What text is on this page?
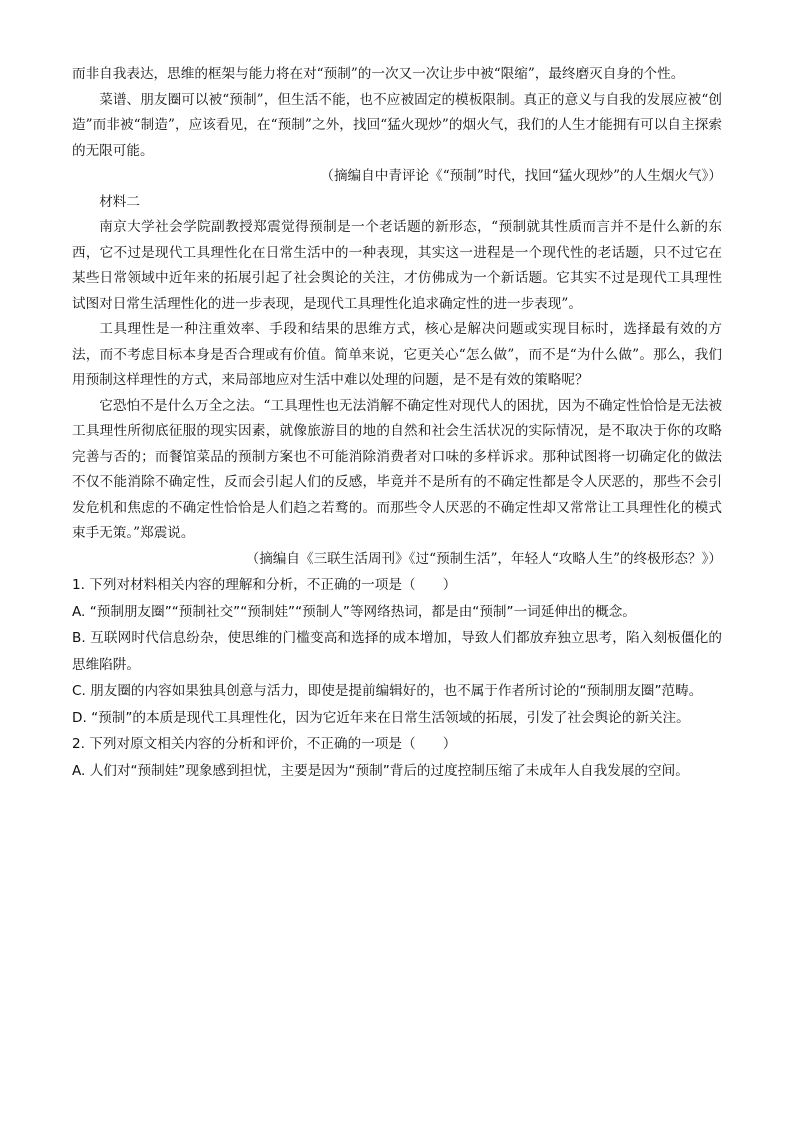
而非自我表达，思维的框架与能力将在对“预制”的一次又一次让步中被“限缩”，最终磨灭自身的个性。

菜谱、朋友圈可以被“预制”，但生活不能，也不应被固定的模板限制。真正的意义与自我的发展应被“创造”而非被“制造”，应该看见，在“预制”之外，找回“猛火现炒”的烟火气，我们的人生才能拥有可以自主探索的无限可能。

（摘编自中青评论《“预制”时代，找回“猛火现炒”的人生烟火气》）

材料二

南京大学社会学院副教授郑震觉得预制是一个老话题的新形态，“预制就其性质而言并不是什么新的东西，它不过是现代工具理性化在日常生活中的一种表现，其实这一进程是一个现代性的老话题，只不过它在某些日常领域中近年来的拓展引起了社会舆论的关注，才仿佛成为一个新话题。它其实不过是现代工具理性试图对日常生活理性化的进一步表现，是现代工具理性化追求确定性的进一步表现”。

工具理性是一种注重效率、手段和结果的思维方式，核心是解决问题或实现目标时，选择最有效的方法，而不考虑目标本身是否合理或有价值。简单来说，它更关心“怎么做”，而不是“为什么做”。那么，我们用预制这样理性的方式，来局部地应对生活中难以处理的问题，是不是有效的策略呢？

它恐怕不是什么万全之法。“工具理性也无法消解不确定性对现代人的困扰，因为不确定性恰恰是无法被工具理性所彻底征服的现实因素，就像旅游目的地的自然和社会生活状况的实际情况，是不取决于你的攻略完善与否的；而餐馆菜品的预制方案也不可能消除消费者对口味的多样诉求。那种试图将一切确定化的做法不仅不能消除不确定性，反而会引起人们的反感，毕竟并不是所有的不确定性都是令人厌恶的，那些不会引发危机和焦虑的不确定性恰恰是人们趋之若鹜的。而那些令人厌恶的不确定性却又常常让工具理性化的模式束手无策。”郑震说。

（摘编自《三联生活周刊》《过“预制生活”，年轻人“攻略人生”的终极形态？》）

1. 下列对材料相关内容的理解和分析，不正确的一项是（　　）

A. “预制朋友圈”“预制社交”“预制娃”“预制人”等网络热词，都是由“预制”一词延伸出的概念。

B. 互联网时代信息纷杂，使思维的门槛变高和选择的成本增加，导致人们都放弃独立思考，陷入刻板僵化的思维陷阱。

C. 朋友圈的内容如果独具创意与活力，即使是提前编辑好的，也不属于作者所讨论的“预制朋友圈”范畴。

D. “预制”的本质是现代工具理性化，因为它近年来在日常生活领域的拓展，引发了社会舆论的新关注。

2. 下列对原文相关内容的分析和评价，不正确的一项是（　　）

A. 人们对“预制娃”现象感到担忧，主要是因为“预制”背后的过度控制压缩了未成年人自我发展的空间。
